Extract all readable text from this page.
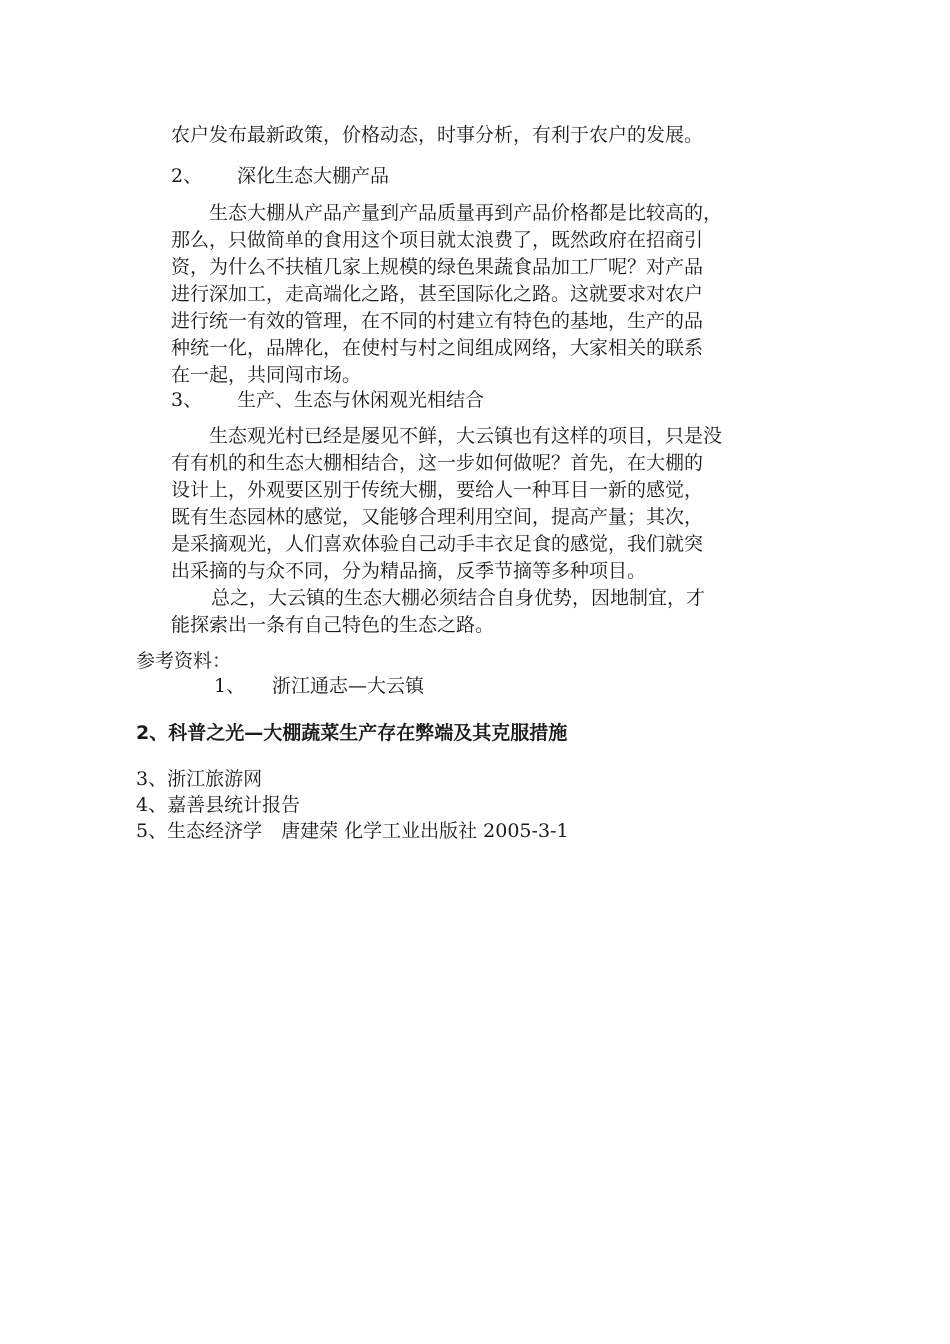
农户发布最新政策，价格动态，时事分析，有利于农户的发展。
2、 深化生态大棚产品
生态大棚从产品产量到产品质量再到产品价格都是比较高的，
那么，只做简单的食用这个项目就太浪费了，既然政府在招商引
资，为什么不扶植几家上规模的绿色果蔬食品加工厂呢？对产品
进行深加工，走高端化之路，甚至国际化之路。这就要求对农户
进行统一有效的管理，在不同的村建立有特色的基地，生产的品
种统一化，品牌化，在使村与村之间组成网络，大家相关的联系
在一起，共同闯市场。
3、 生产、生态与休闲观光相结合
生态观光村已经是屡见不鲜，大云镇也有这样的项目，只是没
有有机的和生态大棚相结合，这一步如何做呢？首先，在大棚的
设计上，外观要区别于传统大棚，要给人一种耳目一新的感觉，
既有生态园林的感觉，又能够合理利用空间，提高产量；其次，
是采摘观光，人们喜欢体验自己动手丰衣足食的感觉，我们就突
出采摘的与众不同，分为精品摘，反季节摘等多种项目。
总之，大云镇的生态大棚必须结合自身优势，因地制宜，才
能探索出一条有自己特色的生态之路。
参考资料：
1、 浙江通志—大云镇
2、科普之光—大棚蔬菜生产存在弊端及其克服措施
3、浙江旅游网
4、嘉善县统计报告
5、生态经济学　唐建荣 化学工业出版社 2005-3-1
